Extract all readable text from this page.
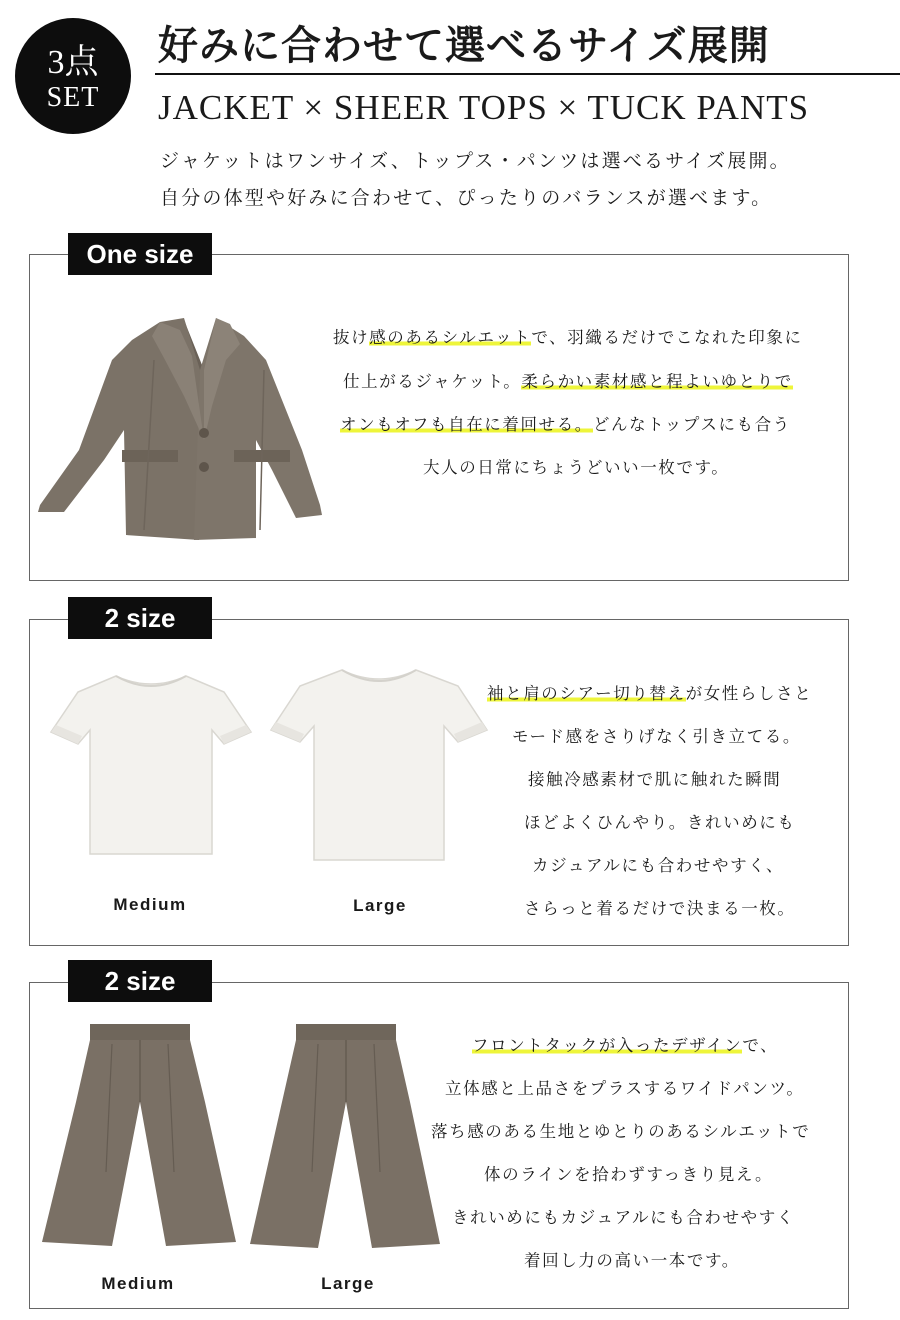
3点
SET
好みに合わせて選べるサイズ展開
JACKET × SHEER TOPS × TUCK PANTS
ジャケットはワンサイズ、トップス・パンツは選べるサイズ展開。
自分の体型や好みに合わせて、ぴったりのバランスが選べます。
One size
抜け感のあるシルエットで、羽織るだけでこなれた印象に
仕上がるジャケット。柔らかい素材感と程よいゆとりで
オンもオフも自在に着回せる。どんなトップスにも合う
大人の日常にちょうどいい一枚です。
2 size
Medium	Large
袖と肩のシアー切り替えが女性らしさと
モード感をさりげなく引き立てる。
接触冷感素材で肌に触れた瞬間
ほどよくひんやり。きれいめにも
カジュアルにも合わせやすく、
さらっと着るだけで決まる一枚。
2 size
Medium	Large
フロントタックが入ったデザインで、
立体感と上品さをプラスするワイドパンツ。
落ち感のある生地とゆとりのあるシルエットで
体のラインを拾わずすっきり見え。
きれいめにもカジュアルにも合わせやすく
着回し力の高い一本です。
